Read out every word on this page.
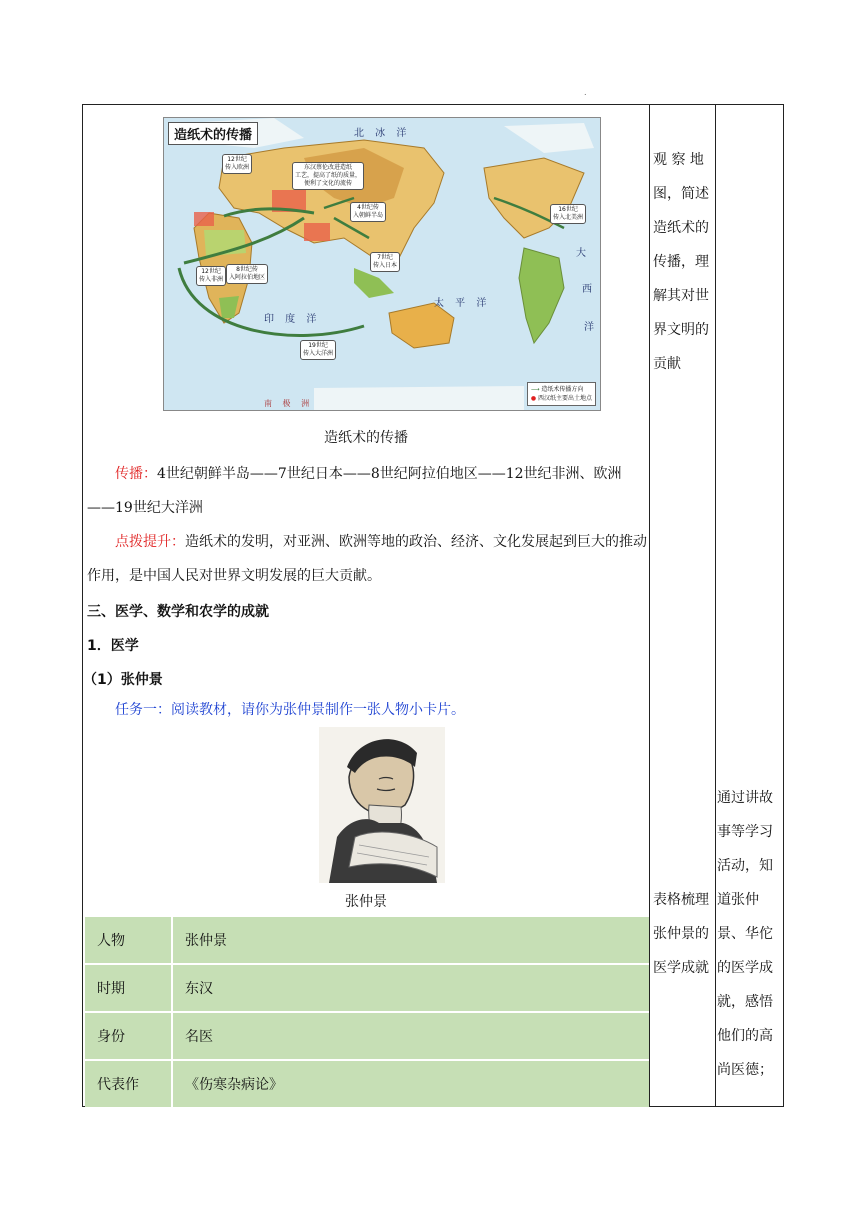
.
造纸术的传播	北 冰 洋
太 平 洋
印 度 洋
大
西
洋
南 极 洲
12世纪
传入欧洲	东汉蔡伦改进造纸
工艺，提高了纸的质量，
便利了文化的流传
4世纪传
入朝鲜半岛
16世纪
传入北美洲
7世纪
传入日本
12世纪
传入非洲
8世纪传
入阿拉伯地区
19世纪
传入大洋洲
⟶ 造纸术传播方向
● 西汉纸主要出土地点
造纸术的传播

传播：4世纪朝鲜半岛——7世纪日本——8世纪阿拉伯地区——12世纪非洲、欧洲——19世纪大洋洲

点拨提升：造纸术的发明，对亚洲、欧洲等地的政治、经济、文化发展起到巨大的推动作用，是中国人民对世界文明发展的巨大贡献。

三、医学、数学和农学的成就
1．医学
（1）张仲景

任务一：阅读教材，请你为张仲景制作一张人物小卡片。

张仲景
人物	张仲景
时期	东汉
身份	名医
代表作	《伤寒杂病论》
观 察 地
图，简述
造纸术的
传播，理
解其对世
界文明的
贡献
表格梳理
张仲景的
医学成就
通过讲故
事等学习
活动，知
道张仲
景、华佗
的医学成
就，感悟
他们的高
尚医德；
